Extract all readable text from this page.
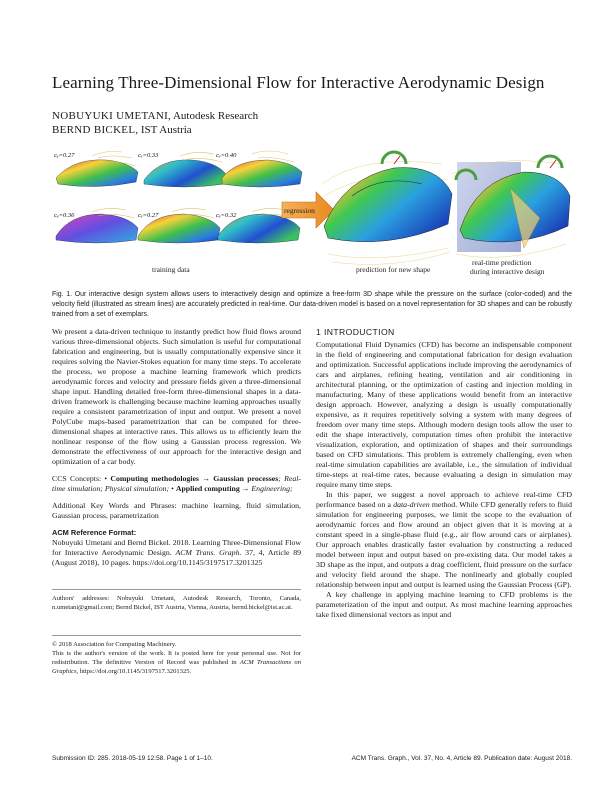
Learning Three-Dimensional Flow for Interactive Aerodynamic Design
NOBUYUKI UMETANI, Autodesk Research
BERND BICKEL, IST Austria
cₑ=0.27	cₑ=0.33	cₑ=0.40
cₑ=0.36	cₑ=0.27	cₑ=0.32
training data
regression
prediction for new shape
real-time prediction
during interactive design
Fig. 1. Our interactive design system allows users to interactively design and optimize a free-form 3D shape while the pressure on the surface (color-coded) and the velocity field (illustrated as stream lines) are accurately predicted in real-time. Our data-driven model is based on a novel representation for 3D shapes and can be robustly trained from a set of exemplars.

We present a data-driven technique to instantly predict how fluid flows around various three-dimensional objects. Such simulation is useful for computational fabrication and engineering, but is usually computationally expensive since it requires solving the Navier-Stokes equation for many time steps. To accelerate the process, we propose a machine learning framework which predicts aerodynamic forces and velocity and pressure fields given a three-dimensional shape input. Handling detailed free-form three-dimensional shapes in a data-driven framework is challenging because machine learning approaches usually require a consistent parametrization of input and output. We present a novel PolyCube maps-based parametrization that can be computed for three-dimensional shapes at interactive rates. This allows us to efficiently learn the nonlinear response of the flow using a Gaussian process regression. We demonstrate the effectiveness of our approach for the interactive design and optimization of a car body.

CCS Concepts: • Computing methodologies → Gaussian processes; Real-time simulation; Physical simulation; • Applied computing → Engineering;

Additional Key Words and Phrases: machine learning, fluid simulation, Gaussian process, parametrization

ACM Reference Format:

Nobuyuki Umetani and Bernd Bickel. 2018. Learning Three-Dimensional Flow for Interactive Aerodynamic Design. ACM Trans. Graph. 37, 4, Article 89 (August 2018), 10 pages. https://doi.org/10.1145/3197517.3201325

Authors' addresses: Nobuyuki Umetani, Autodesk Research, Toronto, Canada, n.umetani@gmail.com; Bernd Bickel, IST Austria, Vienna, Austria, bernd.bickel@ist.ac.at.

© 2018 Association for Computing Machinery.

This is the author's version of the work. It is posted here for your personal use. Not for redistribution. The definitive Version of Record was published in ACM Transactions on Graphics, https://doi.org/10.1145/3197517.3201325.

1 INTRODUCTION

Computational Fluid Dynamics (CFD) has become an indispensable component in the field of engineering and computational fabrication for design evaluation and optimization. Successful applications include improving the aerodynamics of cars and airplanes, refining heating, ventilation and air conditioning in architectural planning, or the optimization of casting and injection molding in manufacturing. Many of these applications would benefit from an interactive design approach. However, analyzing a design is usually computationally expensive, as it requires repetitively solving a system with many degrees of freedom over many time steps. Although modern design tools allow the user to edit the shape interactively, computation times often prohibit the interactive visualization, exploration, and optimization of shapes and their surroundings based on CFD simulations. This problem is extremely challenging, even when real-time simulation capabilities are available, i.e., the simulation of individual time-steps at real-time rates, because evaluating a design in simulation may require many time steps.

In this paper, we suggest a novel approach to achieve real-time CFD performance based on a data-driven method. While CFD generally refers to fluid simulation for engineering purposes, we limit the scope to the evaluation of aerodynamic forces and flow around an object given that it is moving at a constant speed in a single-phase fluid (e.g., air flow around cars or airplanes). Our approach enables drastically faster evaluation by constructing a reduced model between input and output based on pre-existing data. Our model takes a 3D shape as the input, and outputs a drag coefficient, fluid pressure on the surface and velocity field around the shape. The nonlinearly and globally coupled relationship between input and output is learned using the Gaussian Process (GP).

A key challenge in applying machine learning to CFD problems is the parameterization of the input and output. As most machine learning approaches take fixed dimensional vectors as input and

Submission ID: 285. 2018-05-19 12:58. Page 1 of 1–10.	ACM Trans. Graph., Vol. 37, No. 4, Article 89. Publication date: August 2018.
